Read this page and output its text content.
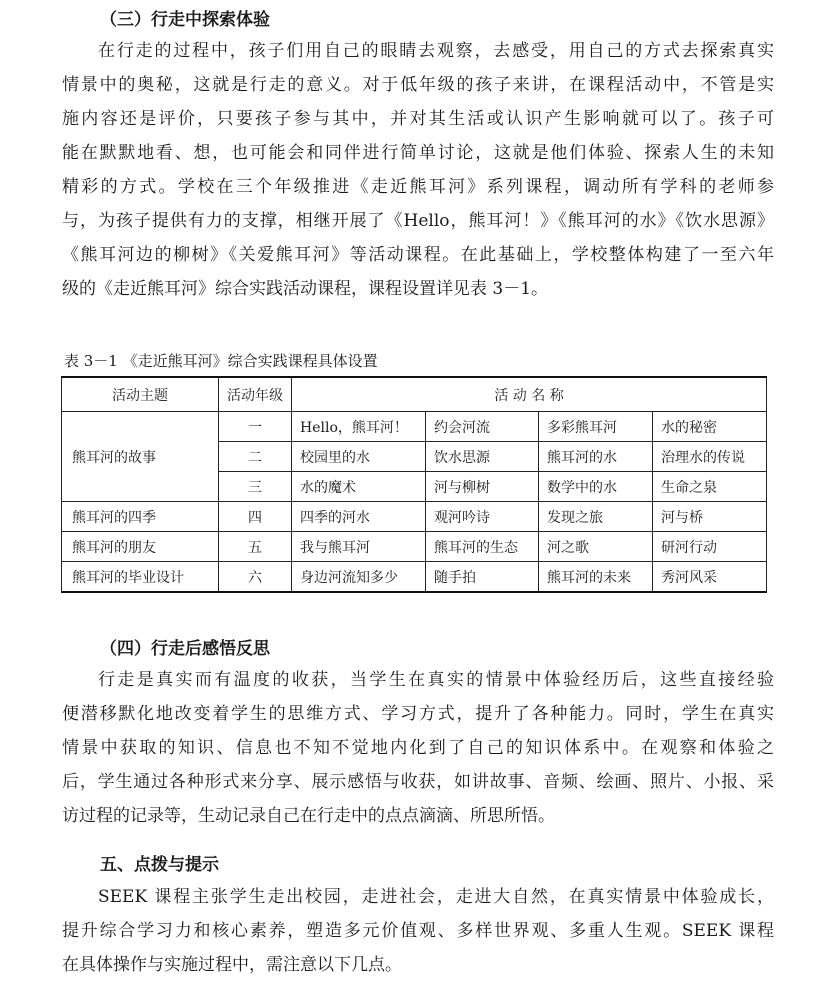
（三）行走中探索体验
在行走的过程中，孩子们用自己的眼睛去观察，去感受，用自己的方式去探索真实
情景中的奥秘，这就是行走的意义。对于低年级的孩子来讲，在课程活动中，不管是实
施内容还是评价，只要孩子参与其中，并对其生活或认识产生影响就可以了。孩子可
能在默默地看、想，也可能会和同伴进行简单讨论，这就是他们体验、探索人生的未知
精彩的方式。学校在三个年级推进《走近熊耳河》系列课程，调动所有学科的老师参
与，为孩子提供有力的支撑，相继开展了《Hello，熊耳河！》《熊耳河的水》《饮水思源》
《熊耳河边的柳树》《关爱熊耳河》等活动课程。在此基础上，学校整体构建了一至六年
级的《走近熊耳河》综合实践活动课程，课程设置详见表 3－1。

表 3－1 《走近熊耳河》综合实践课程具体设置

活动主题	活动年级	活 动 名 称			
熊耳河的故事	一	Hello，熊耳河！	约会河流	多彩熊耳河	水的秘密
	二	校园里的水	饮水思源	熊耳河的水	治理水的传说
	三	水的魔术	河与柳树	数学中的水	生命之泉
熊耳河的四季	四	四季的河水	观河吟诗	发现之旅	河与桥
熊耳河的朋友	五	我与熊耳河	熊耳河的生态	河之歌	研河行动
熊耳河的毕业设计	六	身边河流知多少	随手拍	熊耳河的未来	秀河风采
（四）行走后感悟反思
行走是真实而有温度的收获，当学生在真实的情景中体验经历后，这些直接经验
便潜移默化地改变着学生的思维方式、学习方式，提升了各种能力。同时，学生在真实
情景中获取的知识、信息也不知不觉地内化到了自己的知识体系中。在观察和体验之
后，学生通过各种形式来分享、展示感悟与收获，如讲故事、音频、绘画、照片、小报、采
访过程的记录等，生动记录自己在行走中的点点滴滴、所思所悟。
五、点拨与提示
SEEK 课程主张学生走出校园，走进社会，走进大自然，在真实情景中体验成长，
提升综合学习力和核心素养，塑造多元价值观、多样世界观、多重人生观。SEEK 课程
在具体操作与实施过程中，需注意以下几点。
